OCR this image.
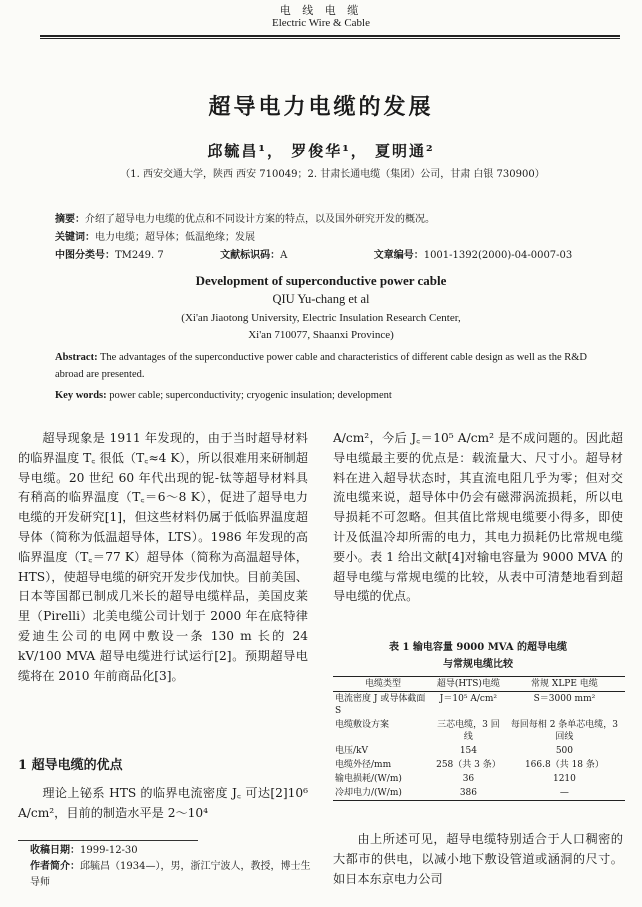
电 线 电 缆
Electric Wire & Cable
超导电力电缆的发展
邱毓昌¹， 罗俊华¹， 夏明通²
（1. 西安交通大学，陕西 西安 710049；2. 甘肃长通电缆（集团）公司，甘肃 白银 730900）
摘要：介绍了超导电力电缆的优点和不同设计方案的特点，以及国外研究开发的概况。
关键词：电力电缆；超导体；低温绝缘；发展
中图分类号：TM249. 7	文献标识码：A	文章编号：1001-1392(2000)-04-0007-03
Development of superconductive power cable
QIU Yu-chang et al
(Xi'an Jiaotong University, Electric Insulation Research Center,
Xi'an 710077, Shaanxi Province)
Abstract: The advantages of the superconductive power cable and characteristics of different cable design as well as the R&D abroad are presented.
Key words: power cable; superconductivity; cryogenic insulation; development

超导现象是 1911 年发现的，由于当时超导材料的临界温度 T꜀ 很低（T꜀≈4 K），所以很难用来研制超导电缆。20 世纪 60 年代出现的铌-钛等超导材料具有稍高的临界温度（T꜀＝6～8 K），促进了超导电力电缆的开发研究[1]，但这些材料仍属于低临界温度超导体（简称为低温超导体，LTS）。1986 年发现的高临界温度（T꜀＝77 K）超导体（简称为高温超导体，HTS），使超导电缆的研究开发步伐加快。目前美国、日本等国都已制成几米长的超导电缆样品，美国皮莱里（Pirelli）北美电缆公司计划于 2000 年在底特律爱迪生公司的电网中敷设一条 130 m 长的 24 kV/100 MVA 超导电缆进行试运行[2]。预期超导电缆将在 2010 年前商品化[3]。

1 超导电缆的优点

理论上铋系 HTS 的临界电流密度 J꜀ 可达[2]10⁶ A/cm²，目前的制造水平是 2～10⁴

收稿日期：1999-12-30
作者简介：邱毓昌（1934—），男，浙江宁波人，教授，博士生导师

A/cm²，今后 J꜀＝10⁵ A/cm² 是不成问题的。因此超导电缆最主要的优点是：载流量大、尺寸小。超导材料在进入超导状态时，其直流电阻几乎为零；但对交流电缆来说，超导体中仍会有磁滞涡流损耗，所以电导损耗不可忽略。但其值比常规电缆要小得多，即使计及低温冷却所需的电力，其电力损耗仍比常规电缆要小。表 1 给出文献[4]对输电容量为 9000 MVA 的超导电缆与常规电缆的比较，从表中可清楚地看到超导电缆的优点。

表 1 输电容量 9000 MVA 的超导电缆
与常规电缆比较
电缆类型	超导(HTS)电缆	常规 XLPE 电缆
电流密度 J 或导体截面 S	J＝10⁵ A/cm²	S＝3000 mm²
电缆敷设方案	三芯电缆，3 回线	每回每相 2 条单芯电缆，3 回线
电压/kV	154	500
电缆外径/mm	258（共 3 条）	166.8（共 18 条）
输电损耗/(W/m)	36	1210
冷却电力/(W/m)	386	—

由上所述可见，超导电缆特别适合于人口稠密的大都市的供电，以减小地下敷设管道或涵洞的尺寸。如日本东京电力公司
